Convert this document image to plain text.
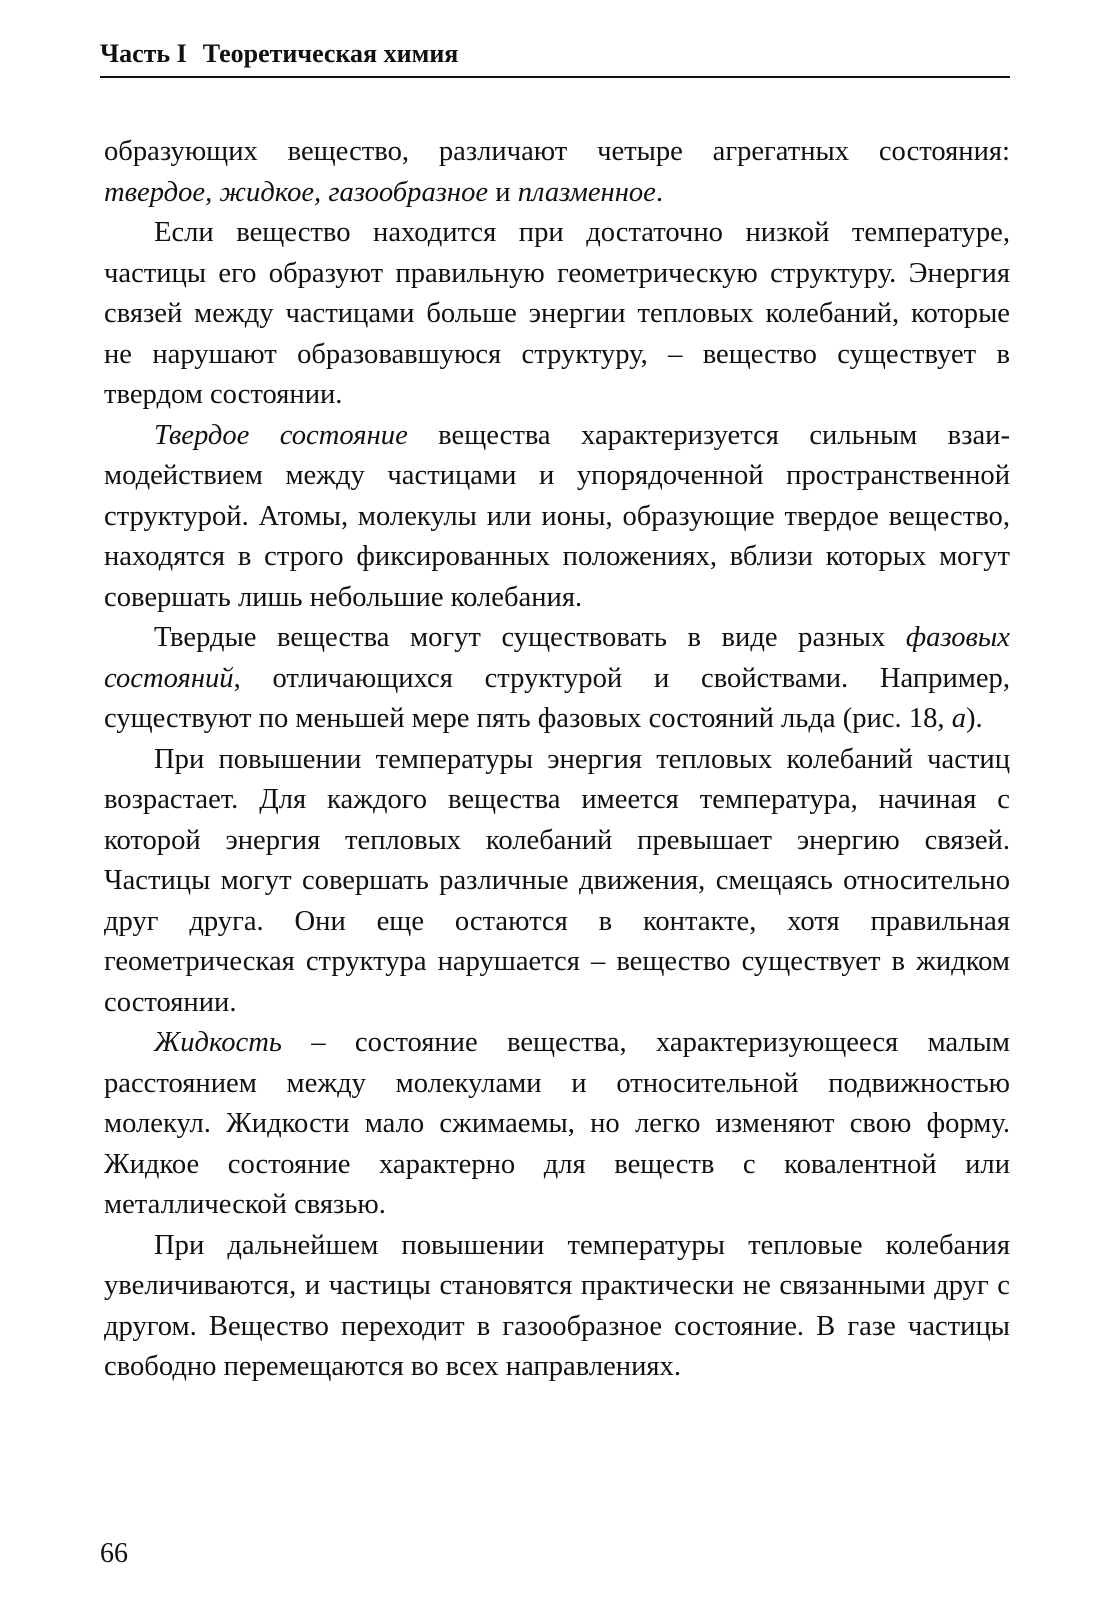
Часть I Теоретическая химия

образующих вещество, различают четыре агрегатных состояния: твердое, жидкое, газообразное и плазменное.

Если вещество находится при достаточно низкой температуре, частицы его образуют правильную геометрическую структуру. Энергия связей между частицами больше энергии тепловых колебаний, которые не нарушают образовавшуюся структуру, – вещество существует в твердом состоянии.

Твердое состояние вещества характеризуется сильным взаимодействием между частицами и упорядоченной пространственной структурой. Атомы, молекулы или ионы, образующие твердое вещество, находятся в строго фиксированных положениях, вблизи которых могут совершать лишь небольшие колебания.

Твердые вещества могут существовать в виде разных фазовых состояний, отличающихся структурой и свойствами. Например, существуют по меньшей мере пять фазовых состояний льда (рис. 18, а).

При повышении температуры энергия тепловых колебаний частиц возрастает. Для каждого вещества имеется температура, начиная с которой энергия тепловых колебаний превышает энергию связей. Частицы могут совершать различные движения, смещаясь относительно друг друга. Они еще остаются в контакте, хотя правильная геометрическая структура нарушается – вещество существует в жидком состоянии.

Жидкость – состояние вещества, характеризующееся малым расстоянием между молекулами и относительной подвижностью молекул. Жидкости мало сжимаемы, но легко изменяют свою форму. Жидкое состояние характерно для веществ с ковалентной или металлической связью.

При дальнейшем повышении температуры тепловые колебания увеличиваются, и частицы становятся практически не связанными друг с другом. Вещество переходит в газообразное состояние. В газе частицы свободно перемещаются во всех направлениях.

66
